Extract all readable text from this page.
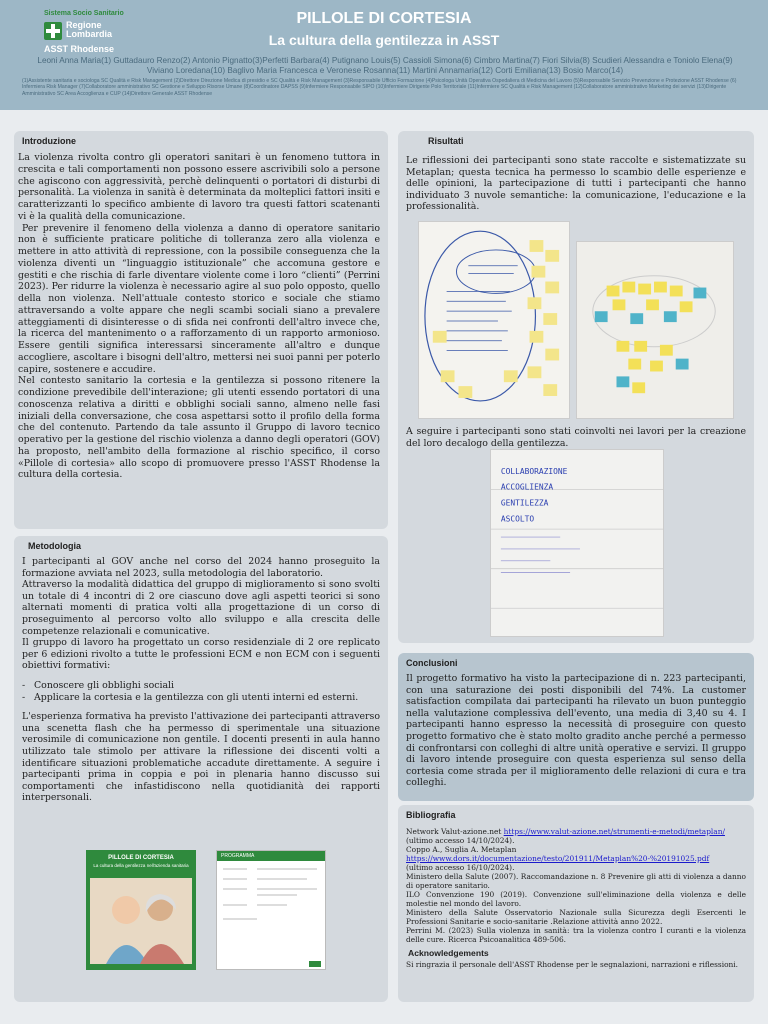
Sistema Socio Sanitario
Regione
Lombardia
ASST Rhodense
PILLOLE DI CORTESIA
La cultura della gentilezza in ASST
Leoni Anna Maria(1) Guttadauro Renzo(2) Antonio Pignatto(3)Perfetti Barbara(4) Putignano Louis(5) Cassioli Simona(6) Cimbro Martina(7) Fiori Silvia(8) Scudieri Alessandra e Toniolo Elena(9) Viviano Loredana(10) Baglivo Maria Francesca e Veronese Rosanna(11) Martini Annamaria(12) Corti Emiliana(13) Bosio Marco(14)
(1)Assistente sanitaria e sociologa SC Qualità e Risk Management (2)Direttore Direzione Medica di presidio e SC Qualità e Risk Management (3)Responsabile Ufficio Formazione (4)Psicologa Unità Operativa Ospedaliera di Medicina del Lavoro (5)Responsabile Servizio Prevenzione e Protezione ASST Rhodense (6) Infermiera Risk Manager (7)Collaboratore amministrativo SC Gestione e Sviluppo Risorse Umane (8)Coordinatore DAPSS (9)Infermiere Responsabile SIPO (10)Infermiere Dirigente Polo Territoriale (11)Infermiere SC Qualità e Risk Management (12)Collaboratore amministrativo Marketing dei servizi (13)Dirigente Amministrativo SC Area Accoglienza e CUP (14)Direttore Generale ASST Rhodense
Introduzione

La violenza rivolta contro gli operatori sanitari è un fenomeno tuttora in crescita e tali comportamenti non possono essere ascrivibili solo a persone che agiscono con aggressività, perchè delinquenti o portatori di disturbi di personalità. La violenza in sanità è determinata da molteplici fattori insiti e caratterizzanti lo specifico ambiente di lavoro tra questi fattori scatenanti vi è la qualità della comunicazione.

Per prevenire il fenomeno della violenza a danno di operatore sanitario non è sufficiente praticare politiche di tolleranza zero alla violenza e mettere in atto attività di repressione, con la possibile conseguenza che la violenza diventi un “linguaggio istituzionale” che accomuna gestore e gestiti e che rischia di farle diventare violente come i loro “clienti” (Perrini 2023). Per ridurre la violenza è necessario agire al suo polo opposto, quello della non violenza. Nell'attuale contesto storico e sociale che stiamo attraversando a volte appare che negli scambi sociali siano a prevalere atteggiamenti di disinteresse o di sfida nei confronti dell'altro invece che, la ricerca del mantenimento o a rafforzamento di un rapporto armonioso. Essere gentili significa interessarsi sinceramente all'altro e dunque accogliere, ascoltare i bisogni dell'altro, mettersi nei suoi panni per poterlo capire, sostenere e accudire.

Nel contesto sanitario la cortesia e la gentilezza si possono ritenere la condizione prevedibile dell'interazione; gli utenti essendo portatori di una conoscenza relativa a diritti e obblighi sociali sanno, almeno nelle fasi iniziali della conversazione, che cosa aspettarsi sotto il profilo della forma che del contenuto. Partendo da tale assunto il Gruppo di lavoro tecnico operativo per la gestione del rischio violenza a danno degli operatori (GOV) ha proposto, nell'ambito della formazione al rischio specifico, il corso «Pillole di cortesia» allo scopo di promuovere presso l'ASST Rhodense la cultura della cortesia.

Metodologia

I partecipanti al GOV anche nel corso del 2024 hanno proseguito la formazione avviata nel 2023, sulla metodologia del laboratorio.

Attraverso la modalità didattica del gruppo di miglioramento si sono svolti un totale di 4 incontri di 2 ore ciascuno dove agli aspetti teorici si sono alternati momenti di pratica volti alla progettazione di un corso di proseguimento al percorso volto allo sviluppo e alla crescita delle competenze relazionali e comunicative.

Il gruppo di lavoro ha progettato un corso residenziale di 2 ore replicato per 6 edizioni rivolto a tutte le professioni ECM e non ECM con i seguenti obiettivi formativi:

- Conoscere gli obblighi sociali
- Applicare la cortesia e la gentilezza con gli utenti interni ed esterni.

L'esperienza formativa ha previsto l'attivazione dei partecipanti attraverso una scenetta flash che ha permesso di sperimentale una situazione verosimile di comunicazione non gentile. I docenti presenti in aula hanno utilizzato tale stimolo per attivare la riflessione dei discenti volti a identificare situazioni problematiche accadute direttamente. A seguire i partecipanti prima in coppia e poi in plenaria hanno discusso sui comportamenti che infastidiscono nella quotidianità dei rapporti interpersonali.

PILLOLE DI CORTESIA
La cultura della gentilezza nell'azienda sanitaria
PROGRAMMA
Risultati
Le riflessioni dei partecipanti sono state raccolte e sistematizzate su Metaplan; questa tecnica ha permesso lo scambio delle esperienze e delle opinioni, la partecipazione di tutti i partecipanti che hanno individuato 3 nuvole semantiche: la comunicazione, l'educazione e la professionalità.
A seguire i partecipanti sono stati coinvolti nei lavori per la creazione del loro decalogo della gentilezza.
COLLABORAZIONE
ACCOGLIENZA
GENTILEZZA
ASCOLTO
Conclusioni
Il progetto formativo ha visto la partecipazione di n. 223 partecipanti, con una saturazione dei posti disponibili del 74%. La customer satisfaction compilata dai partecipanti ha rilevato un buon punteggio nella valutazione complessiva dell'evento, una media di 3,40 su 4. I partecipanti hanno espresso la necessità di proseguire con questo progetto formativo che è stato molto gradito anche perché a permesso di confrontarsi con colleghi di altre unità operative e servizi. Il gruppo di lavoro intende proseguire con questa esperienza sul senso della cortesia come strada per il miglioramento delle relazioni di cura e tra colleghi.
Bibliografia
Network Valut-azione.net https://www.valut-azione.net/strumenti-e-metodi/metaplan/
(ultimo accesso 14/10/2024).
Coppo A., Suglia A. Metaplan
https://www.dors.it/documentazione/testo/201911/Metaplan%20-%20191025.pdf
(ultimo accesso 16/10/2024).
Ministero della Salute (2007). Raccomandazione n. 8 Prevenire gli atti di violenza a danno di operatore sanitario.
ILO Convenzione 190 (2019). Convenzione sull'eliminazione della violenza e delle molestie nel mondo del lavoro.
Ministero della Salute Osservatorio Nazionale sulla Sicurezza degli Esercenti le Professioni Sanitarie e socio-sanitarie .Relazione attività anno 2022.
Perrini M. (2023) Sulla violenza in sanità: tra la violenza contro I curanti e la violenza delle cure. Ricerca Psicoanalitica 489-506.
Acknowledgements
Si ringrazia il personale dell'ASST Rhodense per le segnalazioni, narrazioni e riflessioni.
